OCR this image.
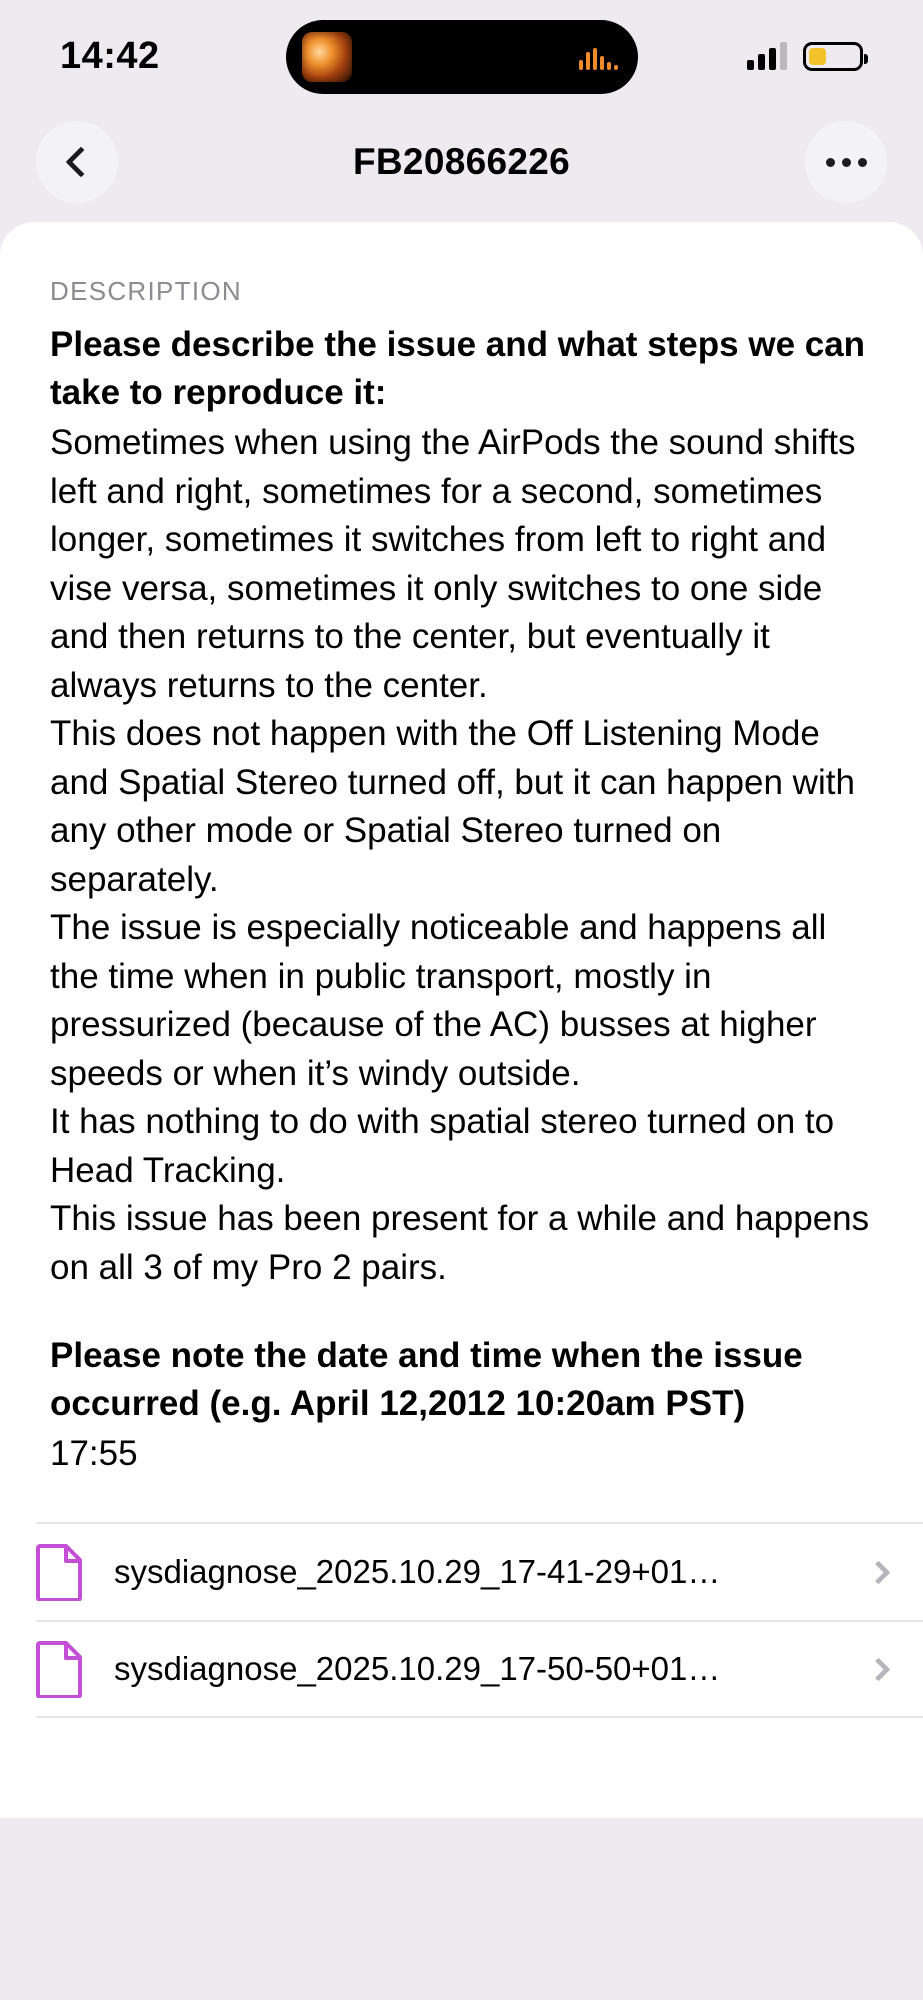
14:42
FB20866226
DESCRIPTION
Please describe the issue and what steps we can take to reproduce it:
Sometimes when using the AirPods the sound shifts left and right, sometimes for a second, sometimes longer, sometimes it switches from left to right and vise versa, sometimes it only switches to one side and then returns to the center, but eventually it always returns to the center.
This does not happen with the Off Listening Mode and Spatial Stereo turned off, but it can happen with any other mode or Spatial Stereo turned on separately.
The issue is especially noticeable and happens all the time when in public transport, mostly in pressurized (because of the AC) busses at higher speeds or when it’s windy outside.
It has nothing to do with spatial stereo turned on to Head Tracking.
This issue has been present for a while and happens on all 3 of my Pro 2 pairs.
Please note the date and time when the issue occurred (e.g. April 12,2012 10:20am PST)
17:55
sysdiagnose_2025.10.29_17-41-29+01…
sysdiagnose_2025.10.29_17-50-50+01…
